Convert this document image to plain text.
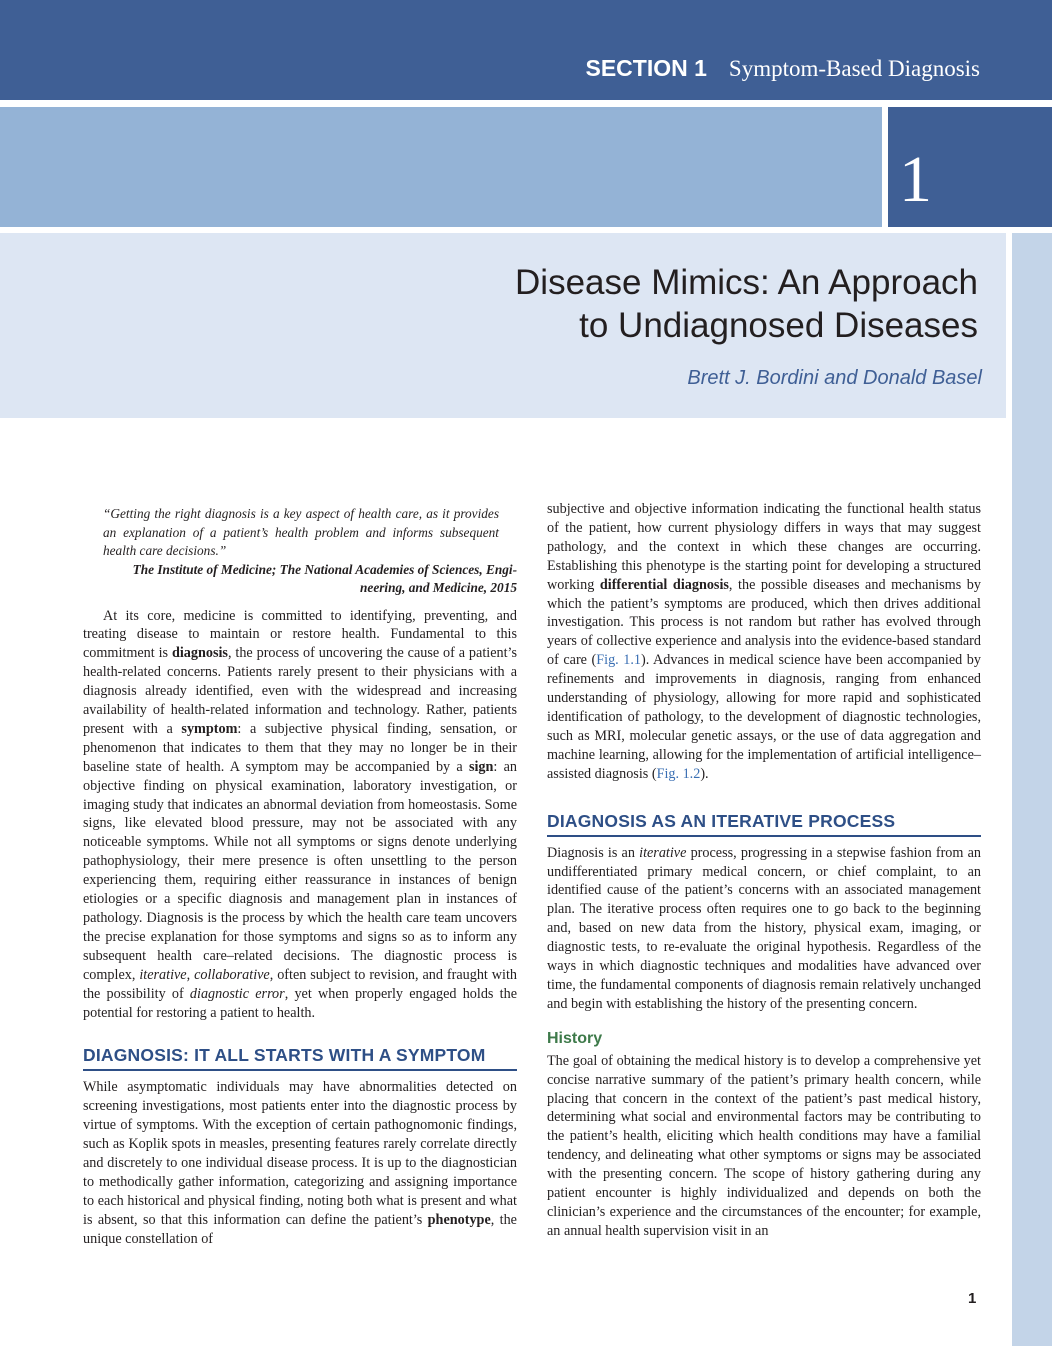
SECTION 1 Symptom-Based Diagnosis
1
Disease Mimics: An Approach
to Undiagnosed Diseases
Brett J. Bordini and Donald Basel

“Getting the right diagnosis is a key aspect of health care, as it provides an explanation of a patient’s health problem and informs subsequent health care decisions.”

The Institute of Medicine; The National Academies of Sciences, Engi-
neering, and Medicine, 2015

At its core, medicine is committed to identifying, preventing, and treating disease to maintain or restore health. Fundamental to this commitment is diagnosis, the process of uncovering the cause of a patient’s health-related concerns. Patients rarely present to their physicians with a diagnosis already identified, even with the widespread and increasing availability of health-related information and technology. Rather, patients present with a symptom: a subjective physical finding, sensation, or phenomenon that indicates to them that they may no longer be in their baseline state of health. A symptom may be accompanied by a sign: an objective finding on physical examination, laboratory investigation, or imaging study that indicates an abnormal deviation from homeostasis. Some signs, like elevated blood pressure, may not be associated with any noticeable symptoms. While not all symptoms or signs denote underlying pathophysiology, their mere presence is often unsettling to the person experiencing them, requiring either reassurance in instances of benign etiologies or a specific diagnosis and management plan in instances of pathology. Diagnosis is the process by which the health care team uncovers the precise explanation for those symptoms and signs so as to inform any subsequent health care–related decisions. The diagnostic process is complex, iterative, collaborative, often subject to revision, and fraught with the possibility of diagnostic error, yet when properly engaged holds the potential for restoring a patient to health.

DIAGNOSIS: IT ALL STARTS WITH A SYMPTOM

While asymptomatic individuals may have abnormalities detected on screening investigations, most patients enter into the diagnostic process by virtue of symptoms. With the exception of certain pathognomonic findings, such as Koplik spots in measles, presenting features rarely correlate directly and discretely to one individual disease process. It is up to the diagnostician to methodically gather information, categorizing and assigning importance to each historical and physical finding, noting both what is present and what is absent, so that this information can define the patient’s phenotype, the unique constellation of

subjective and objective information indicating the functional health status of the patient, how current physiology differs in ways that may suggest pathology, and the context in which these changes are occurring. Establishing this phenotype is the starting point for developing a structured working differential diagnosis, the possible diseases and mechanisms by which the patient’s symptoms are produced, which then drives additional investigation. This process is not random but rather has evolved through years of collective experience and analysis into the evidence-based standard of care (Fig. 1.1). Advances in medical science have been accompanied by refinements and improvements in diagnosis, ranging from enhanced understanding of physiology, allowing for more rapid and sophisticated identification of pathology, to the development of diagnostic technologies, such as MRI, molecular genetic assays, or the use of data aggregation and machine learning, allowing for the implementation of artificial intelligence–assisted diagnosis (Fig. 1.2).

DIAGNOSIS AS AN ITERATIVE PROCESS

Diagnosis is an iterative process, progressing in a stepwise fashion from an undifferentiated primary medical concern, or chief complaint, to an identified cause of the patient’s concerns with an associated management plan. The iterative process often requires one to go back to the beginning and, based on new data from the history, physical exam, imaging, or diagnostic tests, to re-evaluate the original hypothesis. Regardless of the ways in which diagnostic techniques and modalities have advanced over time, the fundamental components of diagnosis remain relatively unchanged and begin with establishing the history of the presenting concern.

History

The goal of obtaining the medical history is to develop a comprehensive yet concise narrative summary of the patient’s primary health concern, while placing that concern in the context of the patient’s past medical history, determining what social and environmental factors may be contributing to the patient’s health, eliciting which health conditions may have a familial tendency, and delineating what other symptoms or signs may be associated with the presenting concern. The scope of history gathering during any patient encounter is highly individualized and depends on both the clinician’s experience and the circumstances of the encounter; for example, an annual health supervision visit in an

1
